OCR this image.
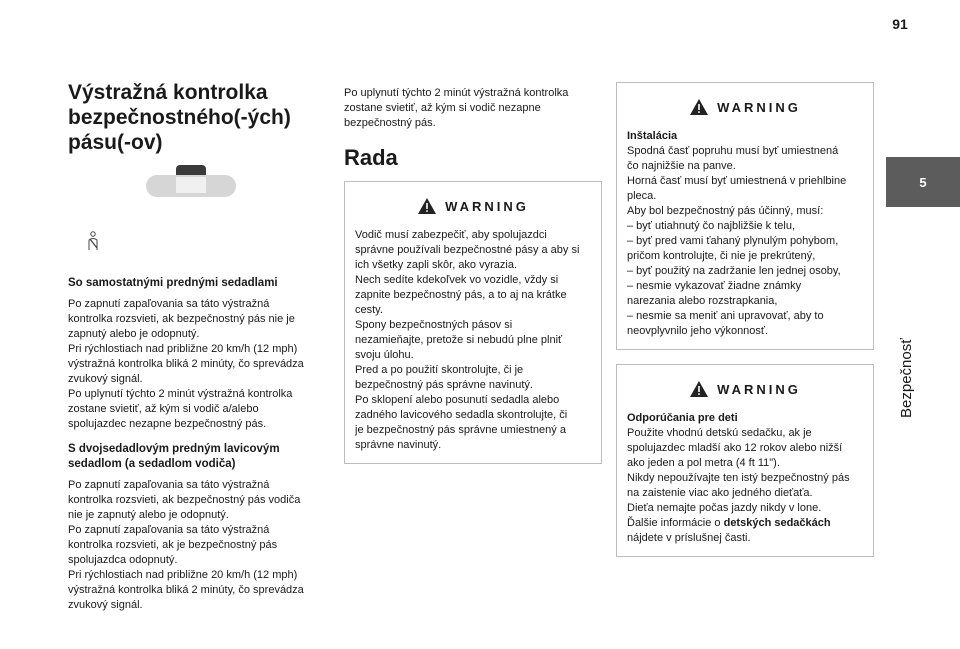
91
5
Bezpečnosť
Výstražná kontrolka
bezpečnostného(-ých)
pásu(-ov)
So samostatnými prednými sedadlami

Po zapnutí zapaľovania sa táto výstražná
kontrolka rozsvieti, ak bezpečnostný pás nie je
zapnutý alebo je odopnutý.
Pri rýchlostiach nad približne 20 km/h (12 mph)
výstražná kontrolka bliká 2 minúty, čo sprevádza
zvukový signál.
Po uplynutí týchto 2 minút výstražná kontrolka
zostane svietiť, až kým si vodič a/alebo
spolujazdec nezapne bezpečnostný pás.

S dvojsedadlovým predným lavicovým
sedadlom (a sedadlom vodiča)

Po zapnutí zapaľovania sa táto výstražná
kontrolka rozsvieti, ak bezpečnostný pás vodiča
nie je zapnutý alebo je odopnutý.
Po zapnutí zapaľovania sa táto výstražná
kontrolka rozsvieti, ak je bezpečnostný pás
spolujazdca odopnutý.
Pri rýchlostiach nad približne 20 km/h (12 mph)
výstražná kontrolka bliká 2 minúty, čo sprevádza
zvukový signál.

Po uplynutí týchto 2 minút výstražná kontrolka
zostane svietiť, až kým si vodič nezapne
bezpečnostný pás.

Rada
WARNING

Vodič musí zabezpečiť, aby spolujazdci
správne používali bezpečnostné pásy a aby si
ich všetky zapli skôr, ako vyrazia.
Nech sedíte kdekoľvek vo vozidle, vždy si
zapnite bezpečnostný pás, a to aj na krátke
cesty.
Spony bezpečnostných pásov si
nezamieňajte, pretože si nebudú plne plniť
svoju úlohu.
Pred a po použití skontrolujte, či je
bezpečnostný pás správne navinutý.
Po sklopení alebo posunutí sedadla alebo
zadného lavicového sedadla skontrolujte, či
je bezpečnostný pás správne umiestnený a
správne navinutý.

WARNING

Inštalácia
Spodná časť popruhu musí byť umiestnená
čo najnižšie na panve.
Horná časť musí byť umiestnená v priehlbine
pleca.
Aby bol bezpečnostný pás účinný, musí:
– byť utiahnutý čo najbližšie k telu,
– byť pred vami ťahaný plynulým pohybom,
pričom kontrolujte, či nie je prekrútený,
– byť použitý na zadržanie len jednej osoby,
– nesmie vykazovať žiadne známky
narezania alebo rozstrapkania,
– nesmie sa meniť ani upravovať, aby to
neovplyvnilo jeho výkonnosť.

WARNING

Odporúčania pre deti
Použite vhodnú detskú sedačku, ak je
spolujazdec mladší ako 12 rokov alebo nižší
ako jeden a pol metra (4 ft 11").
Nikdy nepoužívajte ten istý bezpečnostný pás
na zaistenie viac ako jedného dieťaťa.
Dieťa nemajte počas jazdy nikdy v lone.
Ďalšie informácie o detských sedačkách
nájdete v príslušnej časti.
